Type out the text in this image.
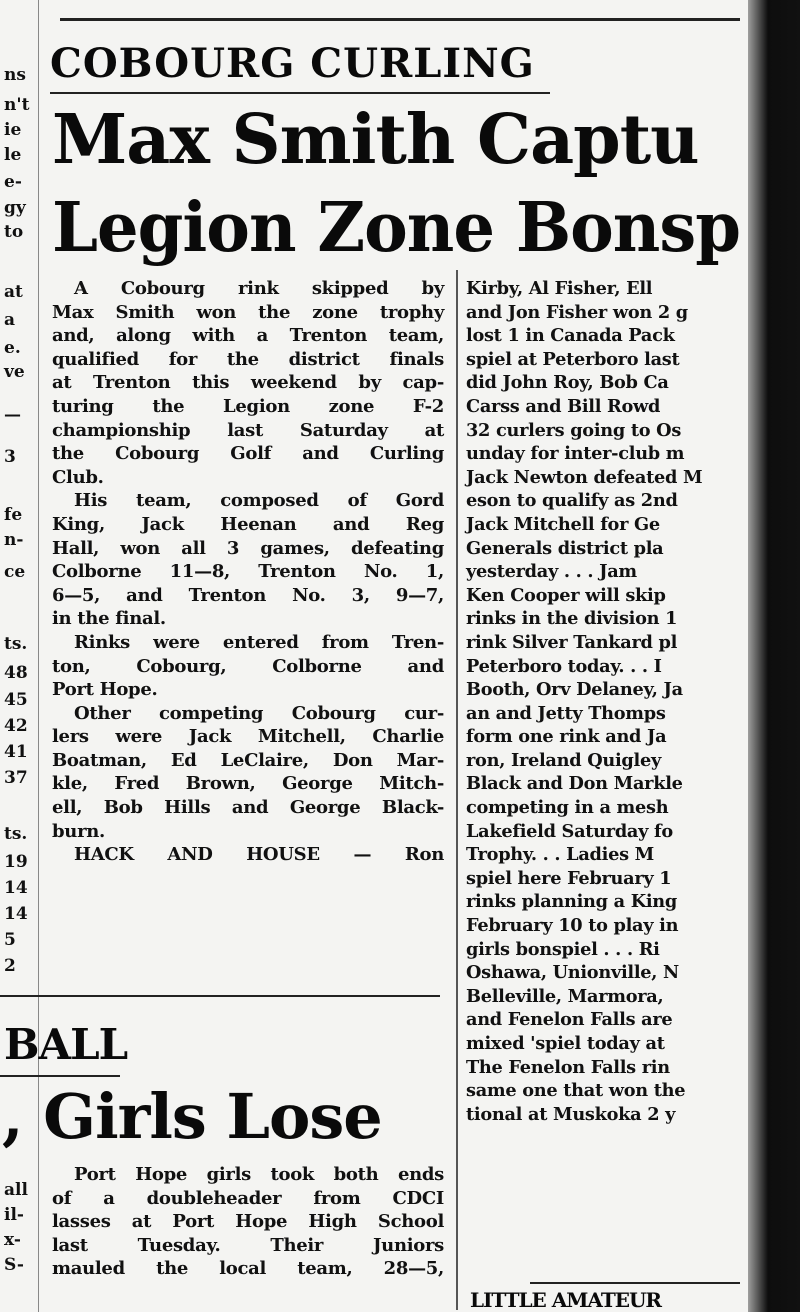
COBOURG CURLING
Max Smith Captu
Legion Zone Bonsp
A Cobourg rink skipped by
Max Smith won the zone trophy
and, along with a Trenton team,
qualified for the district finals
at Trenton this weekend by cap-
turing the Legion zone F-2
championship last Saturday at
the Cobourg Golf and Curling
Club.
His team, composed of Gord
King, Jack Heenan and Reg
Hall, won all 3 games, defeating
Colborne 11—8, Trenton No. 1,
6—5, and Trenton No. 3, 9—7,
in the final.
Rinks were entered from Tren-
ton, Cobourg, Colborne and
Port Hope.
Other competing Cobourg cur-
lers were Jack Mitchell, Charlie
Boatman, Ed LeClaire, Don Mar-
kle, Fred Brown, George Mitch-
ell, Bob Hills and George Black-
burn.
HACK AND HOUSE — Ron
Kirby, Al Fisher, Ell
and Jon Fisher won 2 g
lost 1 in Canada Pack
spiel at Peterboro last
did John Roy, Bob Ca
Carss and Bill Rowd
32 curlers going to Os
unday for inter-club m
Jack Newton defeated M
eson to qualify as 2nd
Jack Mitchell for Ge
Generals district pla
yesterday . . . Jam
Ken Cooper will skip
rinks in the division 1
rink Silver Tankard pl
Peterboro today. . . I
Booth, Orv Delaney, Ja
an and Jetty Thomps
form one rink and Ja
ron, Ireland Quigley
Black and Don Markle
competing in a mesh
Lakefield Saturday fo
Trophy. . . Ladies M
spiel here February 1
rinks planning a King
February 10 to play in
girls bonspiel . . . Ri
Oshawa, Unionville, N
Belleville, Marmora,
and Fenelon Falls are
mixed 'spiel today at
The Fenelon Falls rin
same one that won the
tional at Muskoka 2 y
BALL
, Girls Lose
Port Hope girls took both ends
of a doubleheader from CDCI
lasses at Port Hope High School
last Tuesday. Their Juniors
mauled the local team, 28—5,
LITTLE AMATEUR
ns
n't
ie
le
e-
gy
to
at
a
e.
ve
—
3
fe
n-
ce
ts.
48
45
42
41
37
ts.
19
14
14
5
2
all
il-
x-
S-
